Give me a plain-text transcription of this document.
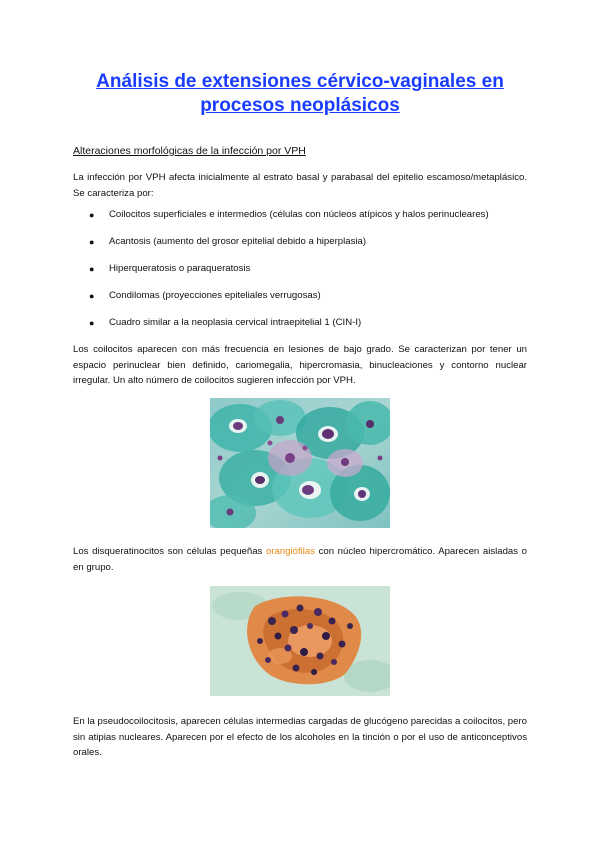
Análisis de extensiones cérvico-vaginales en procesos neoplásicos

Alteraciones morfológicas de la infección por VPH

La infección por VPH afecta inicialmente al estrato basal y parabasal del epitelio escamoso/metaplásico. Se caracteriza por:

● Coilocitos superficiales e intermedios (células con núcleos atípicos y halos perinucleares)
● Acantosis (aumento del grosor epitelial debido a hiperplasia)
● Hiperqueratosis o paraqueratosis
● Condilomas (proyecciones epiteliales verrugosas)
● Cuadro similar a la neoplasia cervical intraepitelial 1 (CIN-I)

Los coilocitos aparecen con más frecuencia en lesiones de bajo grado. Se caracterizan por tener un espacio perinuclear bien definido, cariomegalia, hipercromasia, binucleaciones y contorno nuclear irregular. Un alto número de coilocitos sugieren infección por VPH.

Los disqueratinocitos son células pequeñas orangiófilas con núcleo hipercromático. Aparecen aisladas o en grupo.

En la pseudocoilocitosis, aparecen células intermedias cargadas de glucógeno parecidas a coilocitos, pero sin atipias nucleares. Aparecen por el efecto de los alcoholes en la tinción o por el uso de anticonceptivos orales.
